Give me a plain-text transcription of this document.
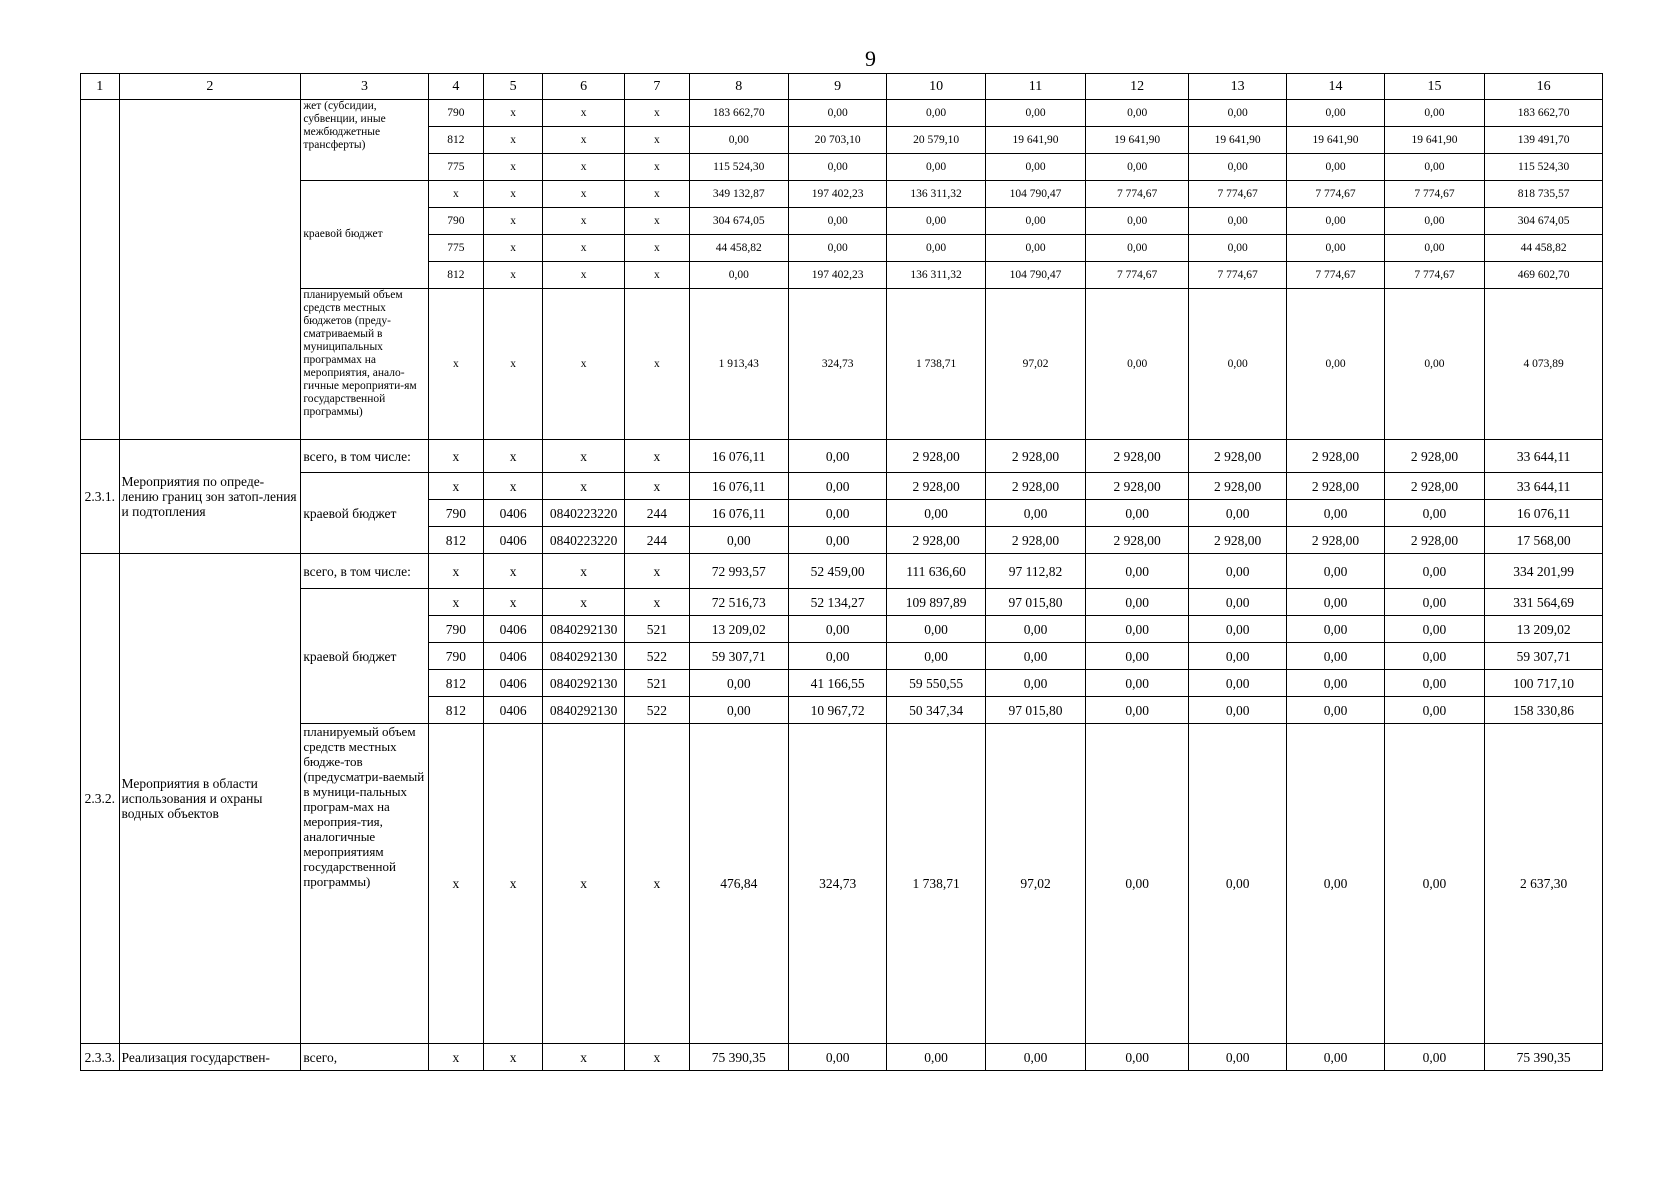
9
1	2	3	4	5	6	7	8	9	10	11	12	13	14	15	16
		жет (субсидии, субвенции, иные межбюджетные трансферты)	790	x	x	x	183 662,70	0,00	0,00	0,00	0,00	0,00	0,00	0,00	183 662,70
			812	x	x	x	0,00	20 703,10	20 579,10	19 641,90	19 641,90	19 641,90	19 641,90	19 641,90	139 491,70
			775	x	x	x	115 524,30	0,00	0,00	0,00	0,00	0,00	0,00	0,00	115 524,30
		краевой бюджет	x	x	x	x	349 132,87	197 402,23	136 311,32	104 790,47	7 774,67	7 774,67	7 774,67	7 774,67	818 735,57
			790	x	x	x	304 674,05	0,00	0,00	0,00	0,00	0,00	0,00	0,00	304 674,05
			775	x	x	x	44 458,82	0,00	0,00	0,00	0,00	0,00	0,00	0,00	44 458,82
			812	x	x	x	0,00	197 402,23	136 311,32	104 790,47	7 774,67	7 774,67	7 774,67	7 774,67	469 602,70
		планируемый объем средств местных бюджетов (преду-сматриваемый в муниципальных программах на мероприятия, анало-гичные мероприяти-ям государственной программы)	x	x	x	x	1 913,43	324,73	1 738,71	97,02	0,00	0,00	0,00	0,00	4 073,89
2.3.1.	Мероприятия по опреде-лению границ зон затоп-ления и подтопления	всего, в том числе:	x	x	x	x	16 076,11	0,00	2 928,00	2 928,00	2 928,00	2 928,00	2 928,00	2 928,00	33 644,11
		краевой бюджет	x	x	x	x	16 076,11	0,00	2 928,00	2 928,00	2 928,00	2 928,00	2 928,00	2 928,00	33 644,11
			790	0406	0840223220	244	16 076,11	0,00	0,00	0,00	0,00	0,00	0,00	0,00	16 076,11
			812	0406	0840223220	244	0,00	0,00	2 928,00	2 928,00	2 928,00	2 928,00	2 928,00	2 928,00	17 568,00
2.3.2.	Мероприятия в области использования и охраны водных объектов	всего, в том числе:	x	x	x	x	72 993,57	52 459,00	111 636,60	97 112,82	0,00	0,00	0,00	0,00	334 201,99
		краевой бюджет	x	x	x	x	72 516,73	52 134,27	109 897,89	97 015,80	0,00	0,00	0,00	0,00	331 564,69
			790	0406	0840292130	521	13 209,02	0,00	0,00	0,00	0,00	0,00	0,00	0,00	13 209,02
			790	0406	0840292130	522	59 307,71	0,00	0,00	0,00	0,00	0,00	0,00	0,00	59 307,71
			812	0406	0840292130	521	0,00	41 166,55	59 550,55	0,00	0,00	0,00	0,00	0,00	100 717,10
			812	0406	0840292130	522	0,00	10 967,72	50 347,34	97 015,80	0,00	0,00	0,00	0,00	158 330,86
		планируемый объем средств местных бюдже-тов (предусматри-ваемый в муници-пальных програм-мах на мероприя-тия, аналогичные мероприятиям государственной программы)	x	x	x	x	476,84	324,73	1 738,71	97,02	0,00	0,00	0,00	0,00	2 637,30
2.3.3.	Реализация государствен-	всего,	x	x	x	x	75 390,35	0,00	0,00	0,00	0,00	0,00	0,00	0,00	75 390,35
